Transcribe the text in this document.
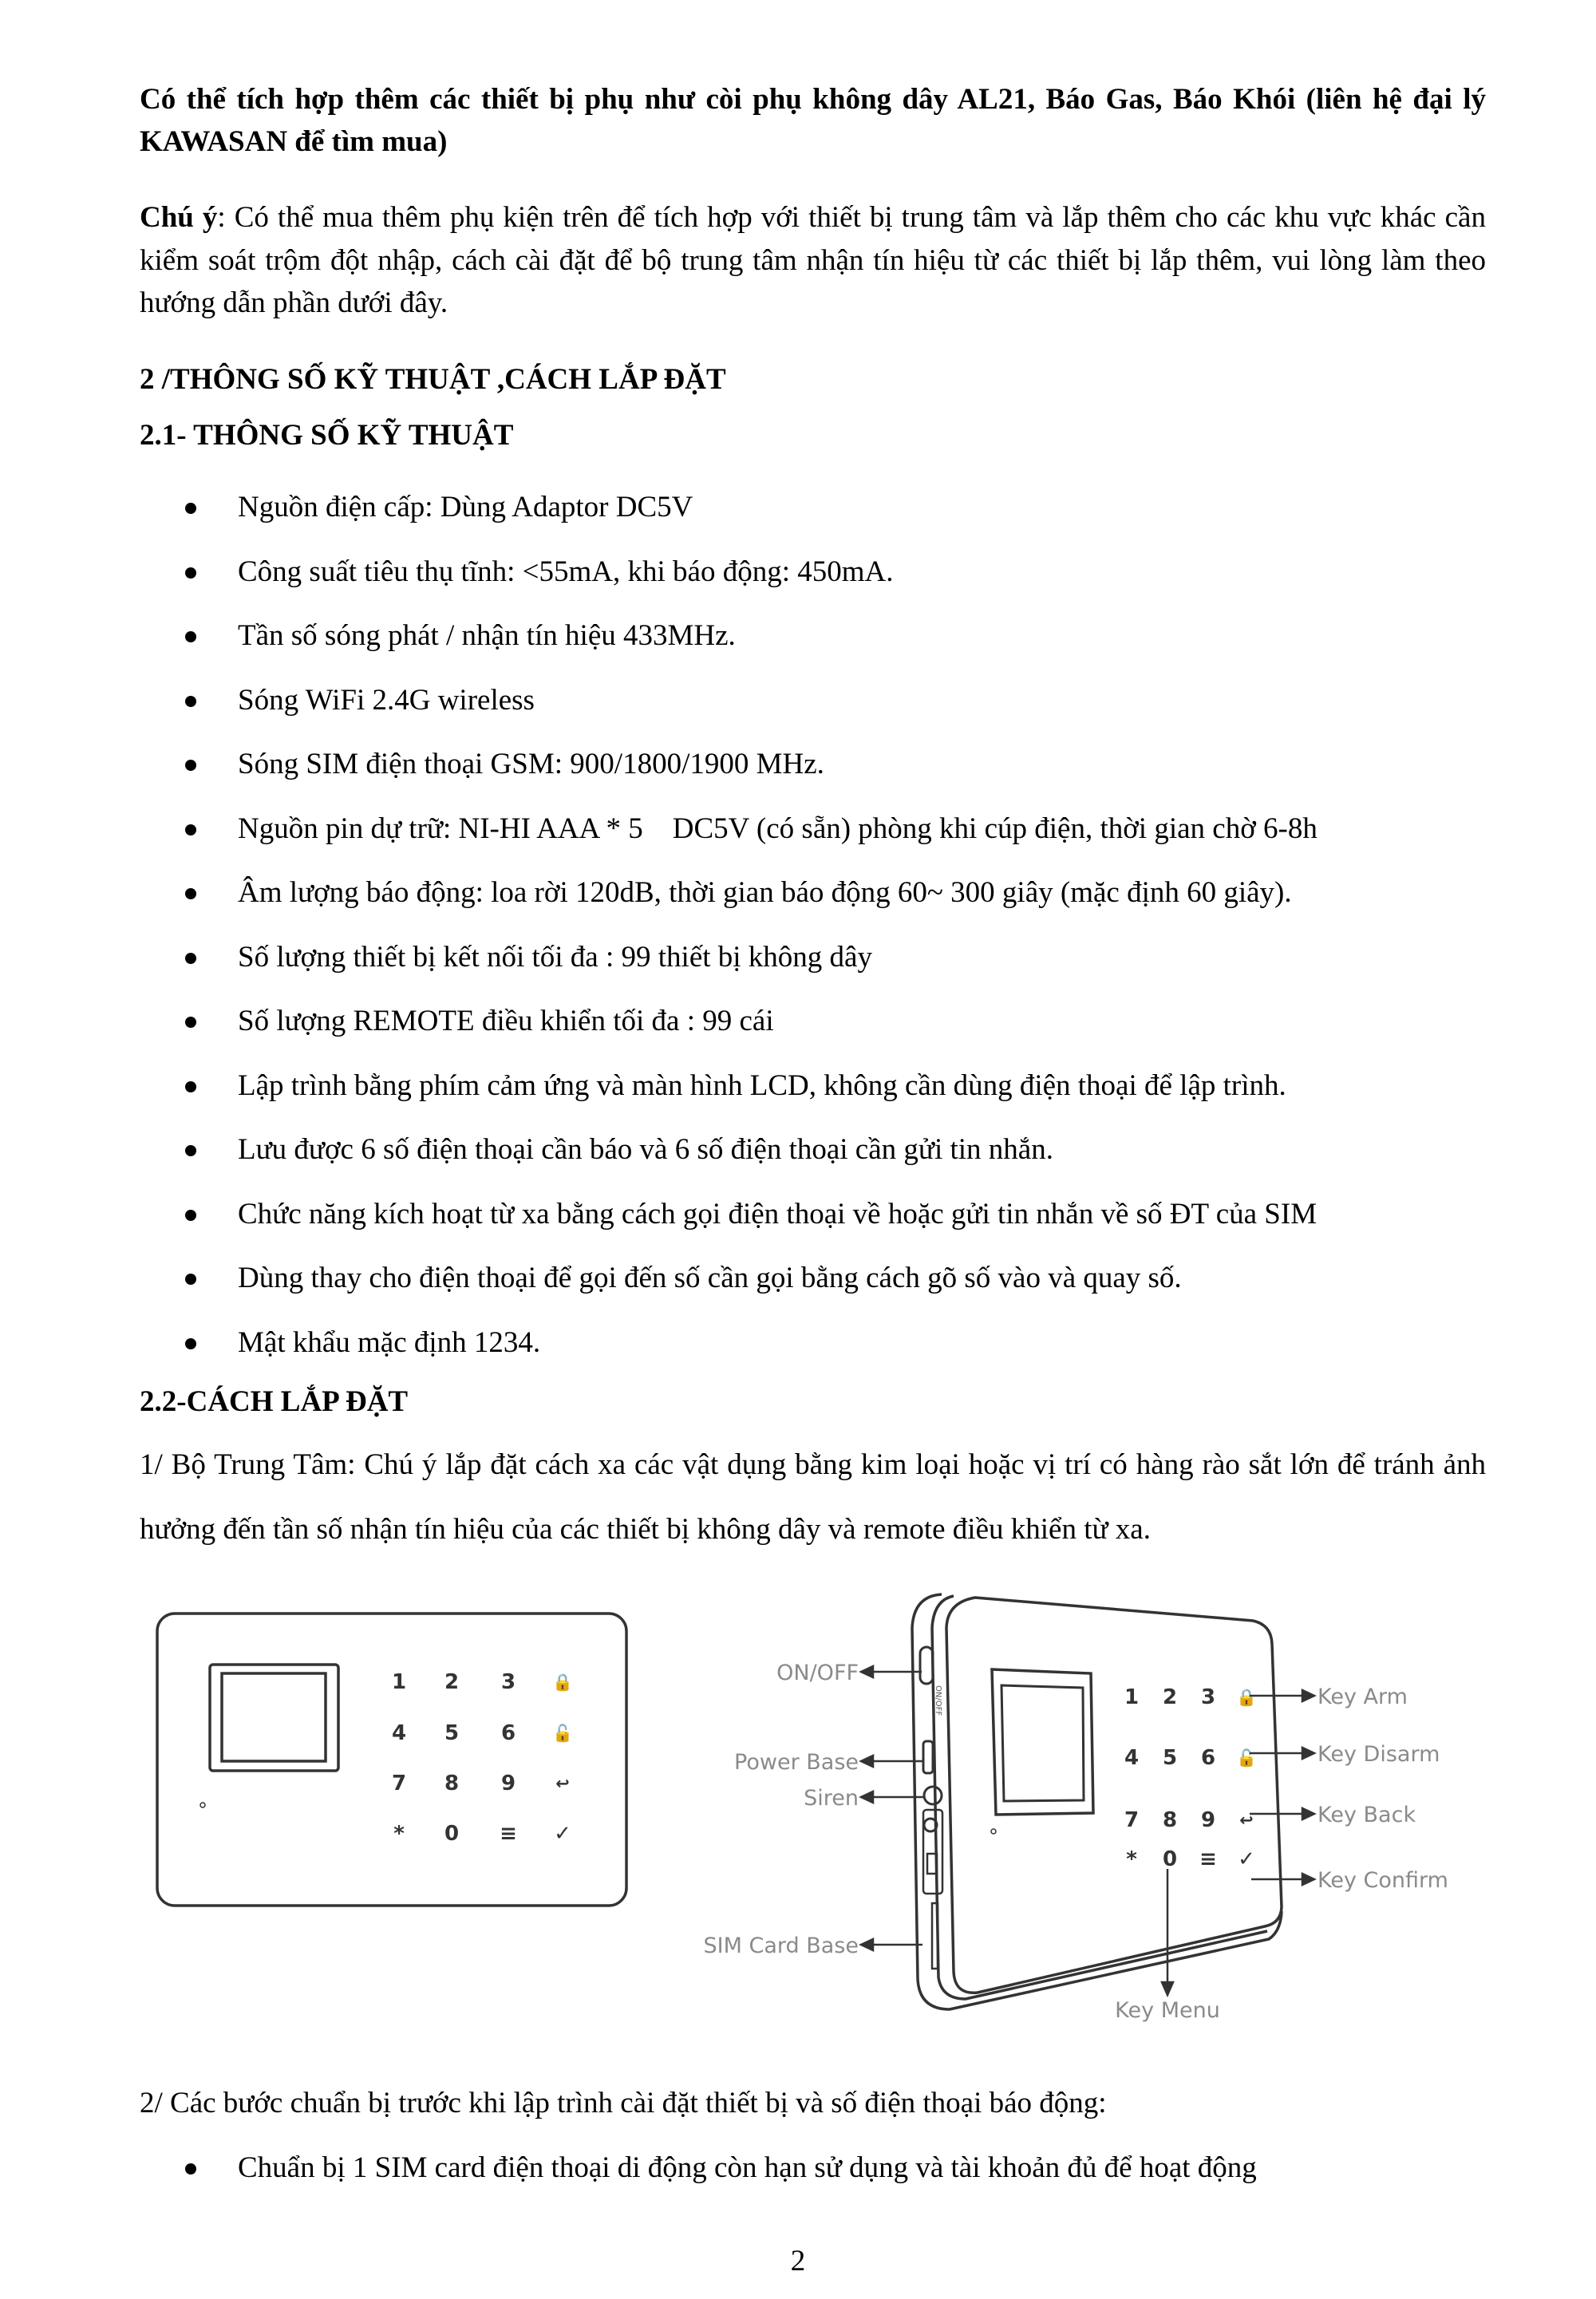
Có thể tích hợp thêm các thiết bị phụ như còi phụ không dây AL21, Báo Gas, Báo Khói (liên hệ đại lý
KAWASAN để tìm mua)
Chú ý: Có thể mua thêm phụ kiện trên để tích hợp với thiết bị trung tâm và lắp thêm cho các khu vực khác cần
kiểm soát trộm đột nhập, cách cài đặt để bộ trung tâm nhận tín hiệu từ các thiết bị lắp thêm, vui lòng làm theo
hướng dẫn phần dưới đây.
2 /THÔNG SỐ KỸ THUẬT ,CÁCH LẮP ĐẶT
2.1- THÔNG SỐ KỸ THUẬT
Nguồn điện cấp: Dùng Adaptor DC5V
Công suất tiêu thụ tĩnh: <55mA, khi báo động: 450mA.
Tần số sóng phát / nhận tín hiệu 433MHz.
Sóng WiFi 2.4G wireless
Sóng SIM điện thoại GSM: 900/1800/1900 MHz.
Nguồn pin dự trữ: NI-HI AAA * 5    DC5V (có sẵn) phòng khi cúp điện, thời gian chờ 6-8h
Âm lượng báo động: loa rời 120dB, thời gian báo động 60~ 300 giây (mặc định 60 giây).
Số lượng thiết bị kết nối tối đa : 99 thiết bị không dây
Số lượng REMOTE điều khiển tối đa : 99 cái
Lập trình bằng phím cảm ứng và màn hình LCD, không cần dùng điện thoại để lập trình.
Lưu được 6 số điện thoại cần báo và 6 số điện thoại cần gửi tin nhắn.
Chức năng kích hoạt từ xa bằng cách gọi điện thoại về hoặc gửi tin nhắn về số ĐT của SIM
Dùng thay cho điện thoại để gọi đến số cần gọi bằng cách gõ số vào và quay số.
Mật khẩu mặc định 1234.
2.2-CÁCH LẮP ĐẶT
1/ Bộ Trung Tâm: Chú ý lắp đặt cách xa các vật dụng bằng kim loại hoặc vị trí có hàng rào sắt lớn để tránh ảnh
hưởng đến tần số nhận tín hiệu của các thiết bị không dây và remote điều khiển từ xa.
1 2 3 🔒
4 5 6 🔓
7 8 9 ↩
* 0 ≡ ✓
ON/OFF	1 2 3 🔒
4 5 6 🔓
7 8 9 ↩
* 0 ≡ ✓
ON/OFF
Power Base
Siren
SIM Card Base
Key Arm
Key Disarm
Key Back
Key Confirm
Key Menu
2/ Các bước chuẩn bị trước khi lập trình cài đặt thiết bị và số điện thoại báo động:
Chuẩn bị 1 SIM card điện thoại di động còn hạn sử dụng và tài khoản đủ để hoạt động
2
